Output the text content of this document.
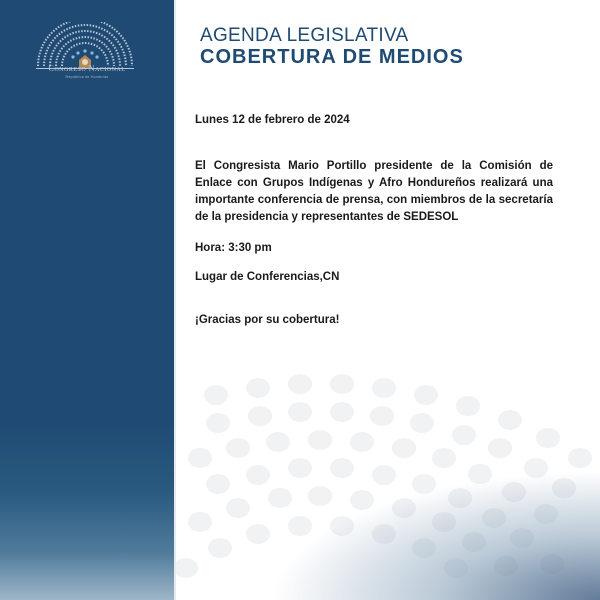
Congreso Nacional
República de Honduras
AGENDA LEGISLATIVA
COBERTURA DE MEDIOS

Lunes 12 de febrero de 2024

El Congresista Mario Portillo presidente de la Comisión de Enlace con Grupos Indígenas y Afro Hondureños realizará una importante conferencia de prensa, con miembros de la secretaría de la presidencia y representantes de SEDESOL

Hora: 3:30 pm

Lugar de Conferencias,CN

¡Gracias por su cobertura!
